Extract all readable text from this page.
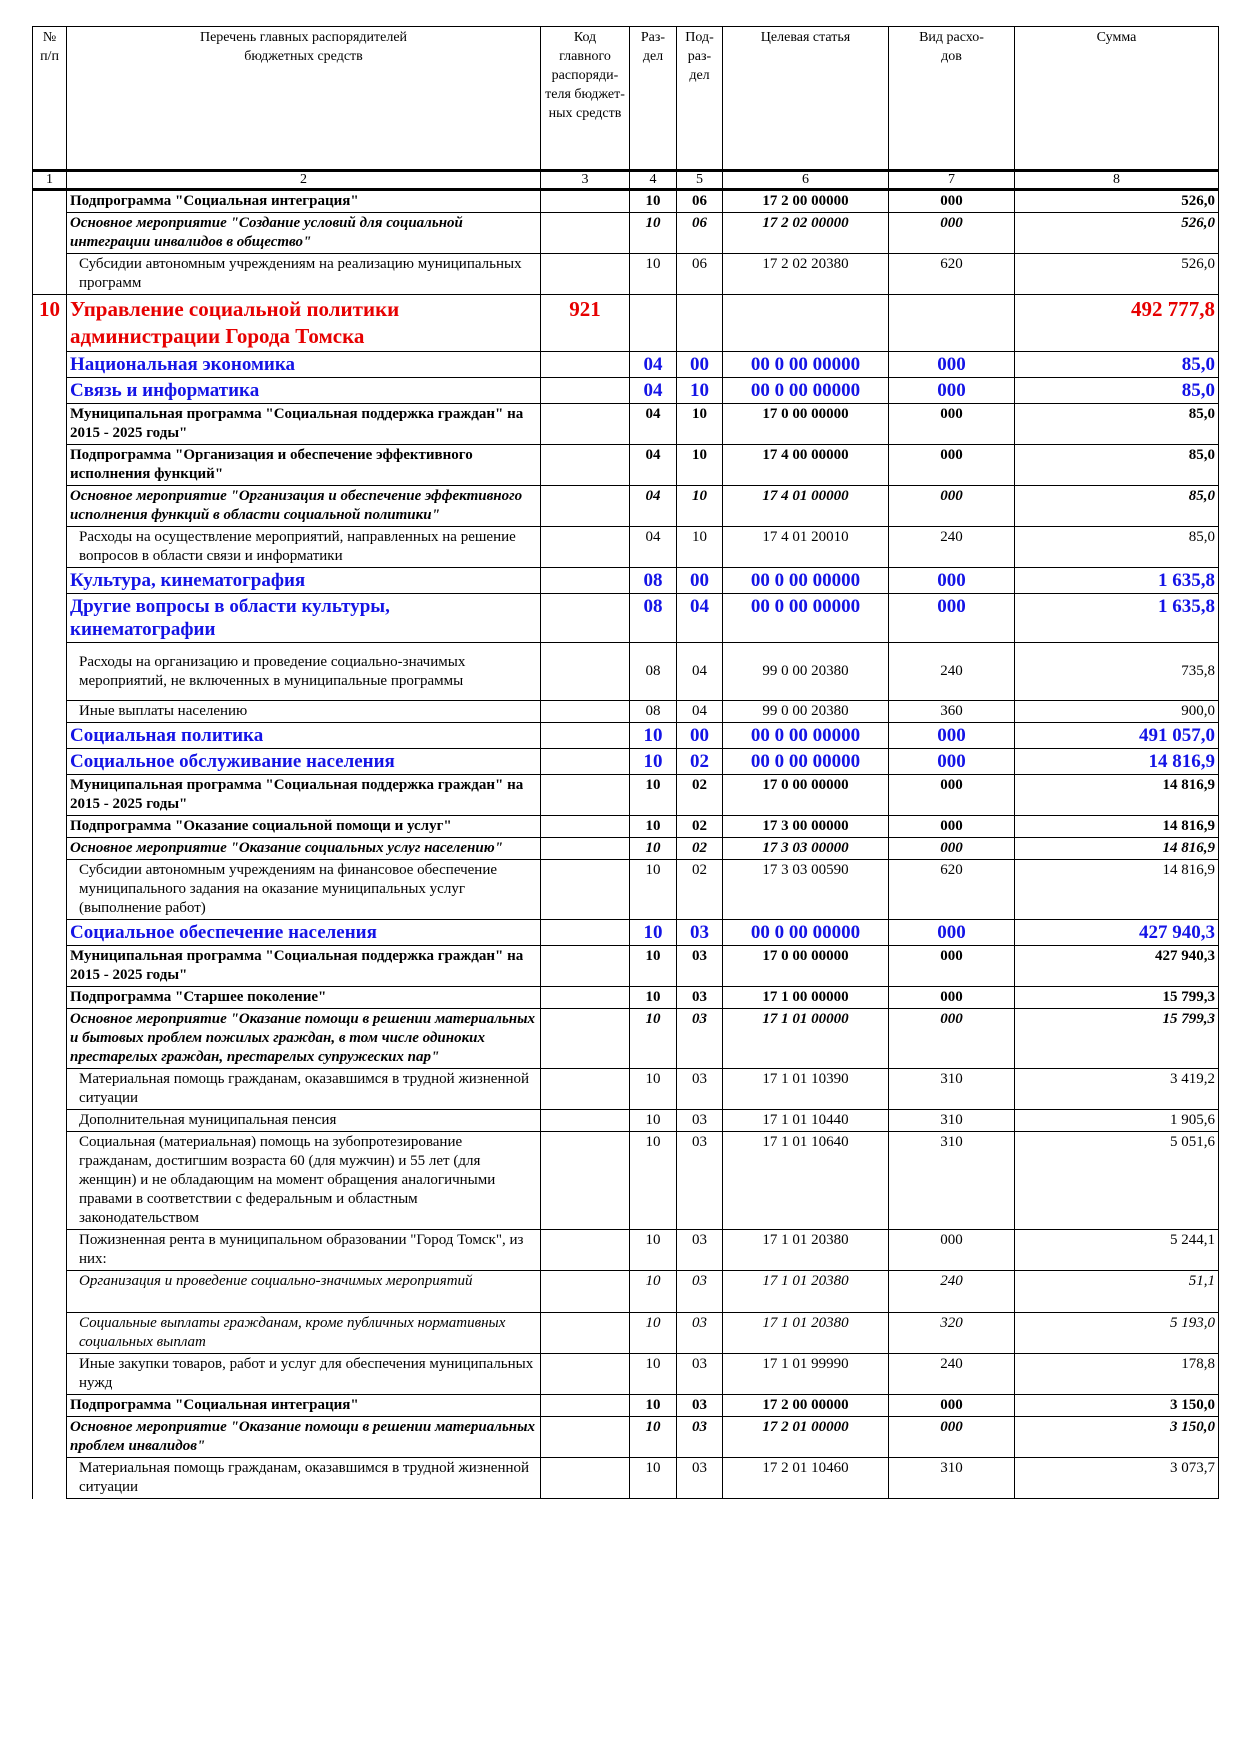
№
п/п	Перечень главных распорядителей
бюджетных средств	Код
главного
распоряди-
теля бюджет-
ных средств	Раз-
дел	Под-
раз-
дел	Целевая статья	Вид расхо-
дов	Сумма
1	2	3	4	5	6	7	8
	Подпрограмма "Социальная интеграция"		10	06	17 2 00 00000	000	526,0
	Основное мероприятие "Создание условий для социальной интеграции инвалидов в общество"		10	06	17 2 02 00000	000	526,0
	Субсидии автономным учреждениям на реализацию муниципальных программ		10	06	17 2 02 20380	620	526,0
10	Управление социальной политики администрации Города Томска	921					492 777,8
	Национальная экономика		04	00	00 0 00 00000	000	85,0
	Связь и информатика		04	10	00 0 00 00000	000	85,0
	Муниципальная программа "Социальная поддержка граждан" на 2015 - 2025 годы"		04	10	17 0 00 00000	000	85,0
	Подпрограмма "Организация и обеспечение эффективного исполнения функций"		04	10	17 4 00 00000	000	85,0
	Основное мероприятие "Организация и обеспечение эффективного исполнения функций в области социальной политики"		04	10	17 4 01 00000	000	85,0
	Расходы на осуществление мероприятий, направленных на решение вопросов в области связи и информатики		04	10	17 4 01 20010	240	85,0
	Культура, кинематография		08	00	00 0 00 00000	000	1 635,8
	Другие вопросы в области культуры, кинематографии		08	04	00 0 00 00000	000	1 635,8
	Расходы на организацию и проведение социально-значимых мероприятий, не включенных в муниципальные программы		08	04	99 0 00 20380	240	735,8
	Иные выплаты населению		08	04	99 0 00 20380	360	900,0
	Социальная политика		10	00	00 0 00 00000	000	491 057,0
	Социальное обслуживание населения		10	02	00 0 00 00000	000	14 816,9
	Муниципальная программа "Социальная поддержка граждан" на 2015 - 2025 годы"		10	02	17 0 00 00000	000	14 816,9
	Подпрограмма "Оказание социальной помощи и услуг"		10	02	17 3 00 00000	000	14 816,9
	Основное мероприятие "Оказание социальных услуг населению"		10	02	17 3 03 00000	000	14 816,9
	Субсидии автономным учреждениям на финансовое обеспечение муниципального задания на оказание муниципальных услуг (выполнение работ)		10	02	17 3 03 00590	620	14 816,9
	Социальное обеспечение населения		10	03	00 0 00 00000	000	427 940,3
	Муниципальная программа "Социальная поддержка граждан" на 2015 - 2025 годы"		10	03	17 0 00 00000	000	427 940,3
	Подпрограмма "Старшее поколение"		10	03	17 1 00 00000	000	15 799,3
	Основное мероприятие "Оказание помощи в решении материальных и бытовых проблем пожилых граждан, в том числе одиноких престарелых граждан, престарелых супружеских пар"		10	03	17 1 01 00000	000	15 799,3
	Материальная помощь гражданам, оказавшимся в трудной жизненной ситуации		10	03	17 1 01 10390	310	3 419,2
	Дополнительная муниципальная пенсия		10	03	17 1 01 10440	310	1 905,6
	Социальная (материальная) помощь на зубопротезирование гражданам, достигшим возраста 60 (для мужчин) и 55 лет (для женщин) и не обладающим на момент обращения аналогичными правами в соответствии с федеральным и областным законодательством		10	03	17 1 01 10640	310	5 051,6
	Пожизненная рента в муниципальном образовании "Город Томск", из них:		10	03	17 1 01 20380	000	5 244,1
	Организация и проведение социально-значимых мероприятий		10	03	17 1 01 20380	240	51,1
	Социальные выплаты гражданам, кроме публичных нормативных социальных выплат		10	03	17 1 01 20380	320	5 193,0
	Иные закупки товаров, работ и услуг для обеспечения муниципальных нужд		10	03	17 1 01 99990	240	178,8
	Подпрограмма "Социальная интеграция"		10	03	17 2 00 00000	000	3 150,0
	Основное мероприятие "Оказание помощи в решении материальных проблем инвалидов"		10	03	17 2 01 00000	000	3 150,0
	Материальная помощь гражданам, оказавшимся в трудной жизненной ситуации		10	03	17 2 01 10460	310	3 073,7
